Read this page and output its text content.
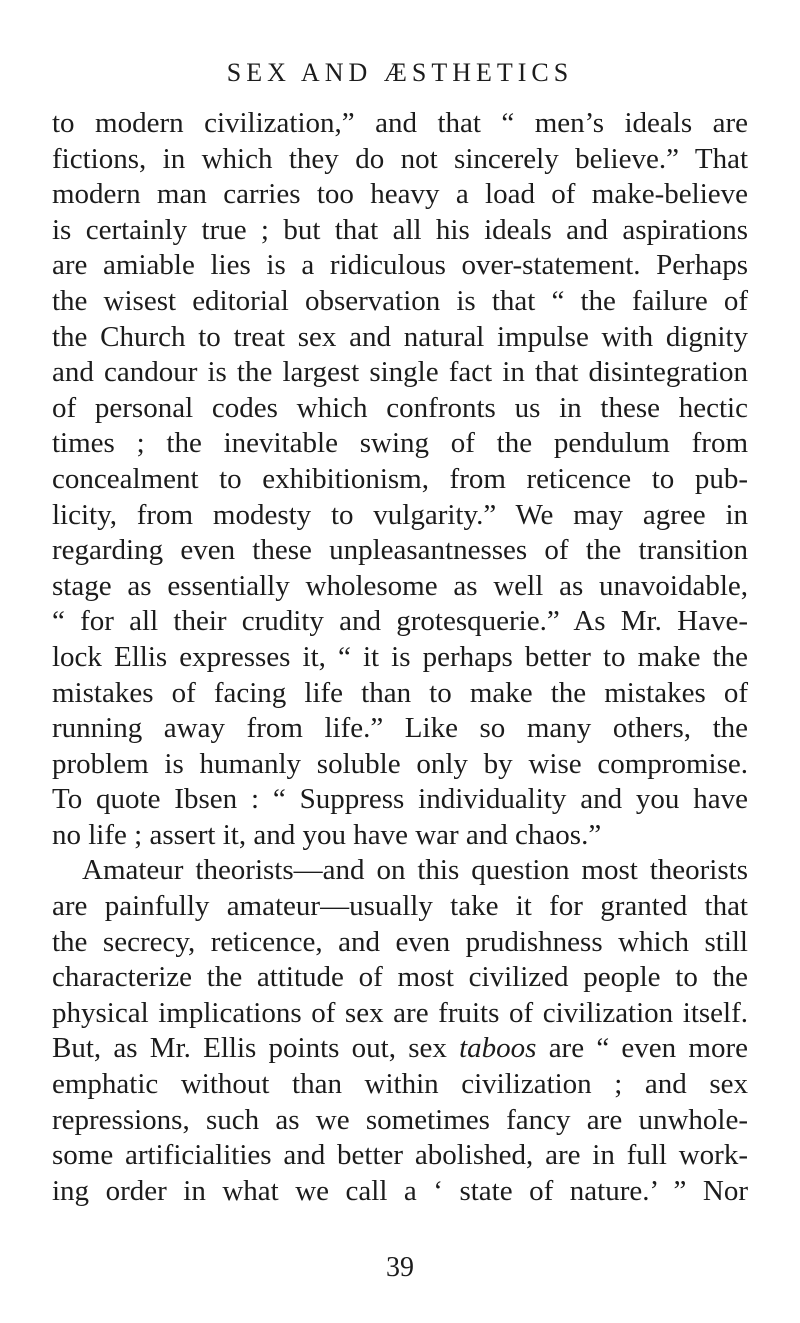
SEX AND ÆSTHETICS
to modern civilization,” and that “ men’s ideals are
fictions, in which they do not sincerely believe.” That
modern man carries too heavy a load of make-believe
is certainly true ; but that all his ideals and aspirations
are amiable lies is a ridiculous over-statement. Perhaps
the wisest editorial observation is that “ the failure of
the Church to treat sex and natural impulse with dignity
and candour is the largest single fact in that disintegration
of personal codes which confronts us in these hectic
times ; the inevitable swing of the pendulum from
concealment to exhibitionism, from reticence to pub-
licity, from modesty to vulgarity.” We may agree in
regarding even these unpleasantnesses of the transition
stage as essentially wholesome as well as unavoidable,
“ for all their crudity and grotesquerie.” As Mr. Have-
lock Ellis expresses it, “ it is perhaps better to make the
mistakes of facing life than to make the mistakes of
running away from life.” Like so many others, the
problem is humanly soluble only by wise compromise.
To quote Ibsen : “ Suppress individuality and you have
no life ; assert it, and you have war and chaos.”
Amateur theorists—and on this question most theorists
are painfully amateur—usually take it for granted that
the secrecy, reticence, and even prudishness which still
characterize the attitude of most civilized people to the
physical implications of sex are fruits of civilization itself.
But, as Mr. Ellis points out, sex taboos are “ even more
emphatic without than within civilization ; and sex
repressions, such as we sometimes fancy are unwhole-
some artificialities and better abolished, are in full work-
ing order in what we call a ‘ state of nature.’ ” Nor
39
